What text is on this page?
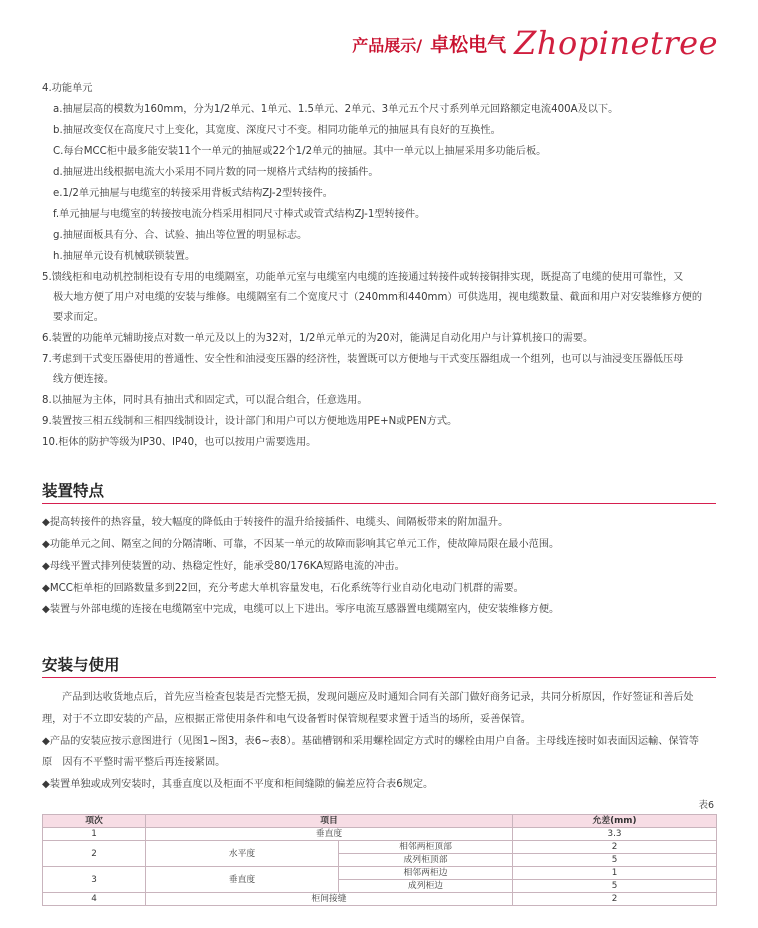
产品展示/ 卓松电气 Zhopinetree
4.功能单元
a.抽屉层高的模数为160mm，分为1/2单元、1单元、1.5单元、2单元、3单元五个尺寸系列单元回路额定电流400A及以下。
b.抽屉改变仅在高度尺寸上变化，其宽度、深度尺寸不变。相同功能单元的抽屉具有良好的互换性。
C.每台MCC柜中最多能安装11个一单元的抽屉或22个1/2单元的抽屉。其中一单元以上抽屉采用多功能后板。
d.抽屉进出线根据电流大小采用不同片数的同一规格片式结构的接插件。
e.1/2单元抽屉与电缆室的转接采用背板式结构ZJ-2型转接件。
f.单元抽屉与电缆室的转接按电流分档采用相同尺寸棒式或管式结构ZJ-1型转接件。
g.抽屉面板具有分、合、试验、抽出等位置的明显标志。
h.抽屉单元设有机械联锁装置。
5.馈线柜和电动机控制柜设有专用的电缆隔室，功能单元室与电缆室内电缆的连接通过转接件或转接铜排实现，既提高了电缆的使用可靠性，又
极大地方便了用户对电缆的安装与维修。电缆隔室有二个宽度尺寸（240mm和440mm）可供选用，视电缆数量、截面和用户对安装维修方便的
要求而定。
6.装置的功能单元辅助接点对数一单元及以上的为32对，1/2单元单元的为20对，能满足自动化用户与计算机接口的需要。
7.考虑到干式变压器使用的普通性、安全性和油浸变压器的经济性，装置既可以方便地与干式变压器组成一个组列，也可以与油浸变压器低压母
线方便连接。
8.以抽屉为主体，同时具有抽出式和固定式，可以混合组合，任意选用。
9.装置按三相五线制和三相四线制设计，设计部门和用户可以方便地选用PE+N或PEN方式。
10.柜体的防护等级为IP30、IP40，也可以按用户需要选用。
装置特点
◆提高转接件的热容量，较大幅度的降低由于转接件的温升给接插件、电缆头、间隔板带来的附加温升。
◆功能单元之间、隔室之间的分隔清晰、可靠，不因某一单元的故障而影响其它单元工作，使故障局限在最小范围。
◆母线平置式排列使装置的动、热稳定性好，能承受80/176KA短路电流的冲击。
◆MCC柜单柜的回路数量多到22回，充分考虑大单机容量发电，石化系统等行业自动化电动门机群的需要。
◆装置与外部电缆的连接在电缆隔室中完成，电缆可以上下进出。零序电流互感器置电缆隔室内，使安装维修方便。
安装与使用
产品到达收货地点后，首先应当检查包装是否完整无损，发现问题应及时通知合同有关部门做好商务记录，共同分析原因，作好签证和善后处
理，对于不立即安装的产品，应根据正常使用条件和电气设备暂时保管规程要求置于适当的场所，妥善保管。
◆产品的安装应按示意图进行（见图1~图3，表6~表8）。基础槽钢和采用螺栓固定方式时的螺栓由用户自备。主母线连接时如表面因运輸、保管等
原　因有不平整时需平整后再连接紧固。
◆装置单独或成列安装时，其垂直度以及柜面不平度和柜间缝隙的偏差应符合表6规定。
表6
项次	项目		允差(mm)
1	垂直度		3.3
2	水平度	相邻两柜顶部	2
		成列柜顶部	5
3	垂直度	相邻两柜边	1
		成列柜边	5
4	柜间接缝		2
